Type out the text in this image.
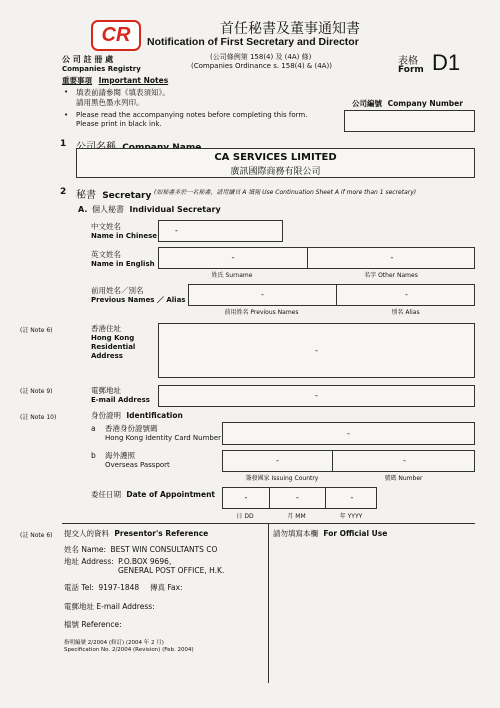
CR	首任秘書及董事通知書
Notification of First Secretary and Director
公 司 註 冊 處
Companies Registry
(公司條例第 158(4) 及 (4A) 條)
(Companies Ordinance s. 158(4) & (4A))	表格
Form D1
重要事項 Important Notes
• 填表前請參閱《填表須知》。
請用黑色墨水列印。
• Please read the accompanying notes before completing this form.
Please print in black ink.
公司編號 Company Number
1
CA SERVICES LIMITED
廣訊國際商務有限公司
2 秘書 Secretary (如秘書多於一名秘書，請用續頁 A 填報 Use Continuation Sheet A if more than 1 secretary)
A. 個人秘書 Individual Secretary
中文姓名
Name in Chinese
-
英文姓名
Name in English
-	-
姓氏 Surname	名字 Other Names
前用姓名／別名
Previous Names ／ Alias
-	-
前用姓名 Previous Names	別名 Alias
(註 Note 6)	香港住址
Hong Kong
Residential
Address
-
(註 Note 9)	電郵地址
E-mail Address	-
(註 Note 10)	身份證明 Identification
a 香港身份證號碼
Hong Kong Identity Card Number	-
b 海外護照
Overseas Passport	-	-
簽發國家 Issuing Country	號碼 Number
委任日期 Date of Appointment	-	-	-
日 DD	月 MM	年 YYYY
(註 Note 6) 提交人的資料 Presentor's Reference
姓名 Name: BEST WIN CONSULTANTS CO
地址 Address: P.O.BOX 9696,
GENERAL POST OFFICE, H.K.
電話 Tel: 9197-1848 傳真 Fax:
電郵地址 E-mail Address:
檔號 Reference:
指明編號 2/2004 (修訂) (2004 年 2 月)
Specification No. 2/2004 (Revision) (Feb. 2004)
請勿填寫本欄 For Official Use
